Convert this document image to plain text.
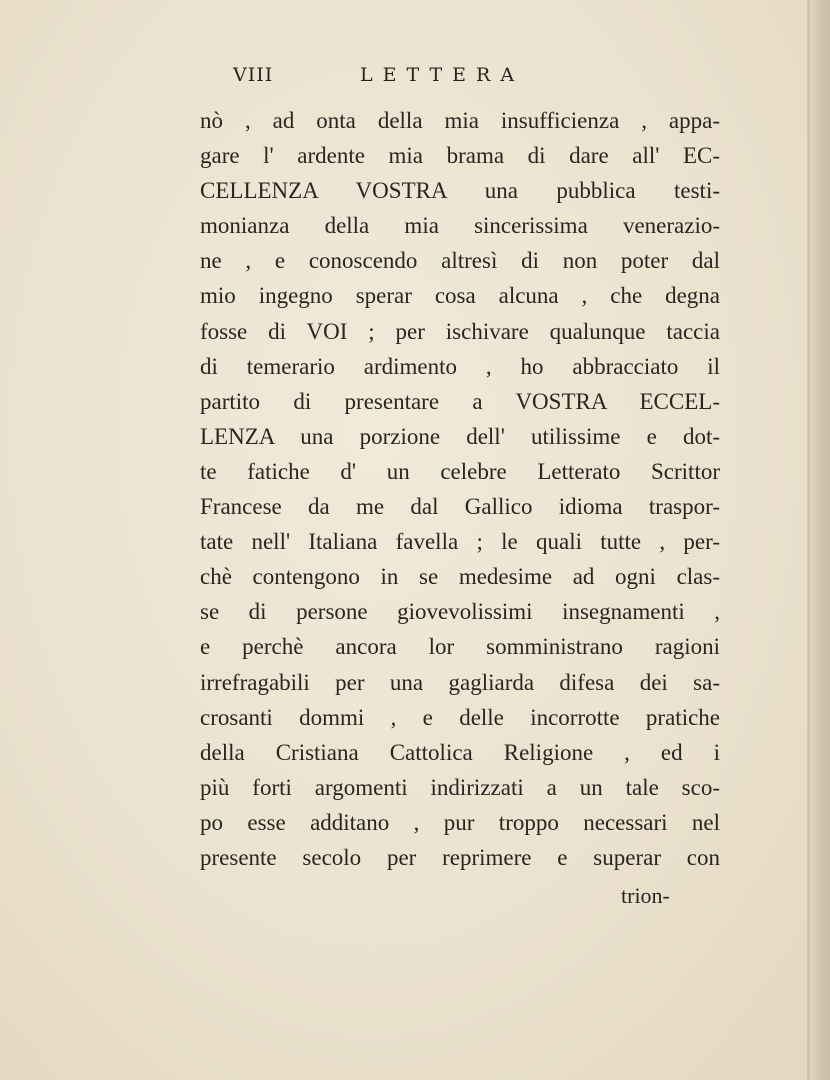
VIII	LETTERA
nò , ad onta della mia insufficienza , appa-
gare l' ardente mia brama di dare all' EC-
CELLENZA VOSTRA una pubblica testi-
monianza della mia sincerissima venerazio-
ne , e conoscendo altresì di non poter dal
mio ingegno sperar cosa alcuna , che degna
fosse di VOI ; per ischivare qualunque taccia
di temerario ardimento , ho abbracciato il
partito di presentare a VOSTRA ECCEL-
LENZA una porzione dell' utilissime e dot-
te fatiche d' un celebre Letterato Scrittor
Francese da me dal Gallico idioma traspor-
tate nell' Italiana favella ; le quali tutte , per-
chè contengono in se medesime ad ogni clas-
se di persone giovevolissimi insegnamenti ,
e perchè ancora lor somministrano ragioni
irrefragabili per una gagliarda difesa dei sa-
crosanti dommi , e delle incorrotte pratiche
della Cristiana Cattolica Religione , ed i
più forti argomenti indirizzati a un tale sco-
po esse additano , pur troppo necessari nel
presente secolo per reprimere e superar con
trion-
